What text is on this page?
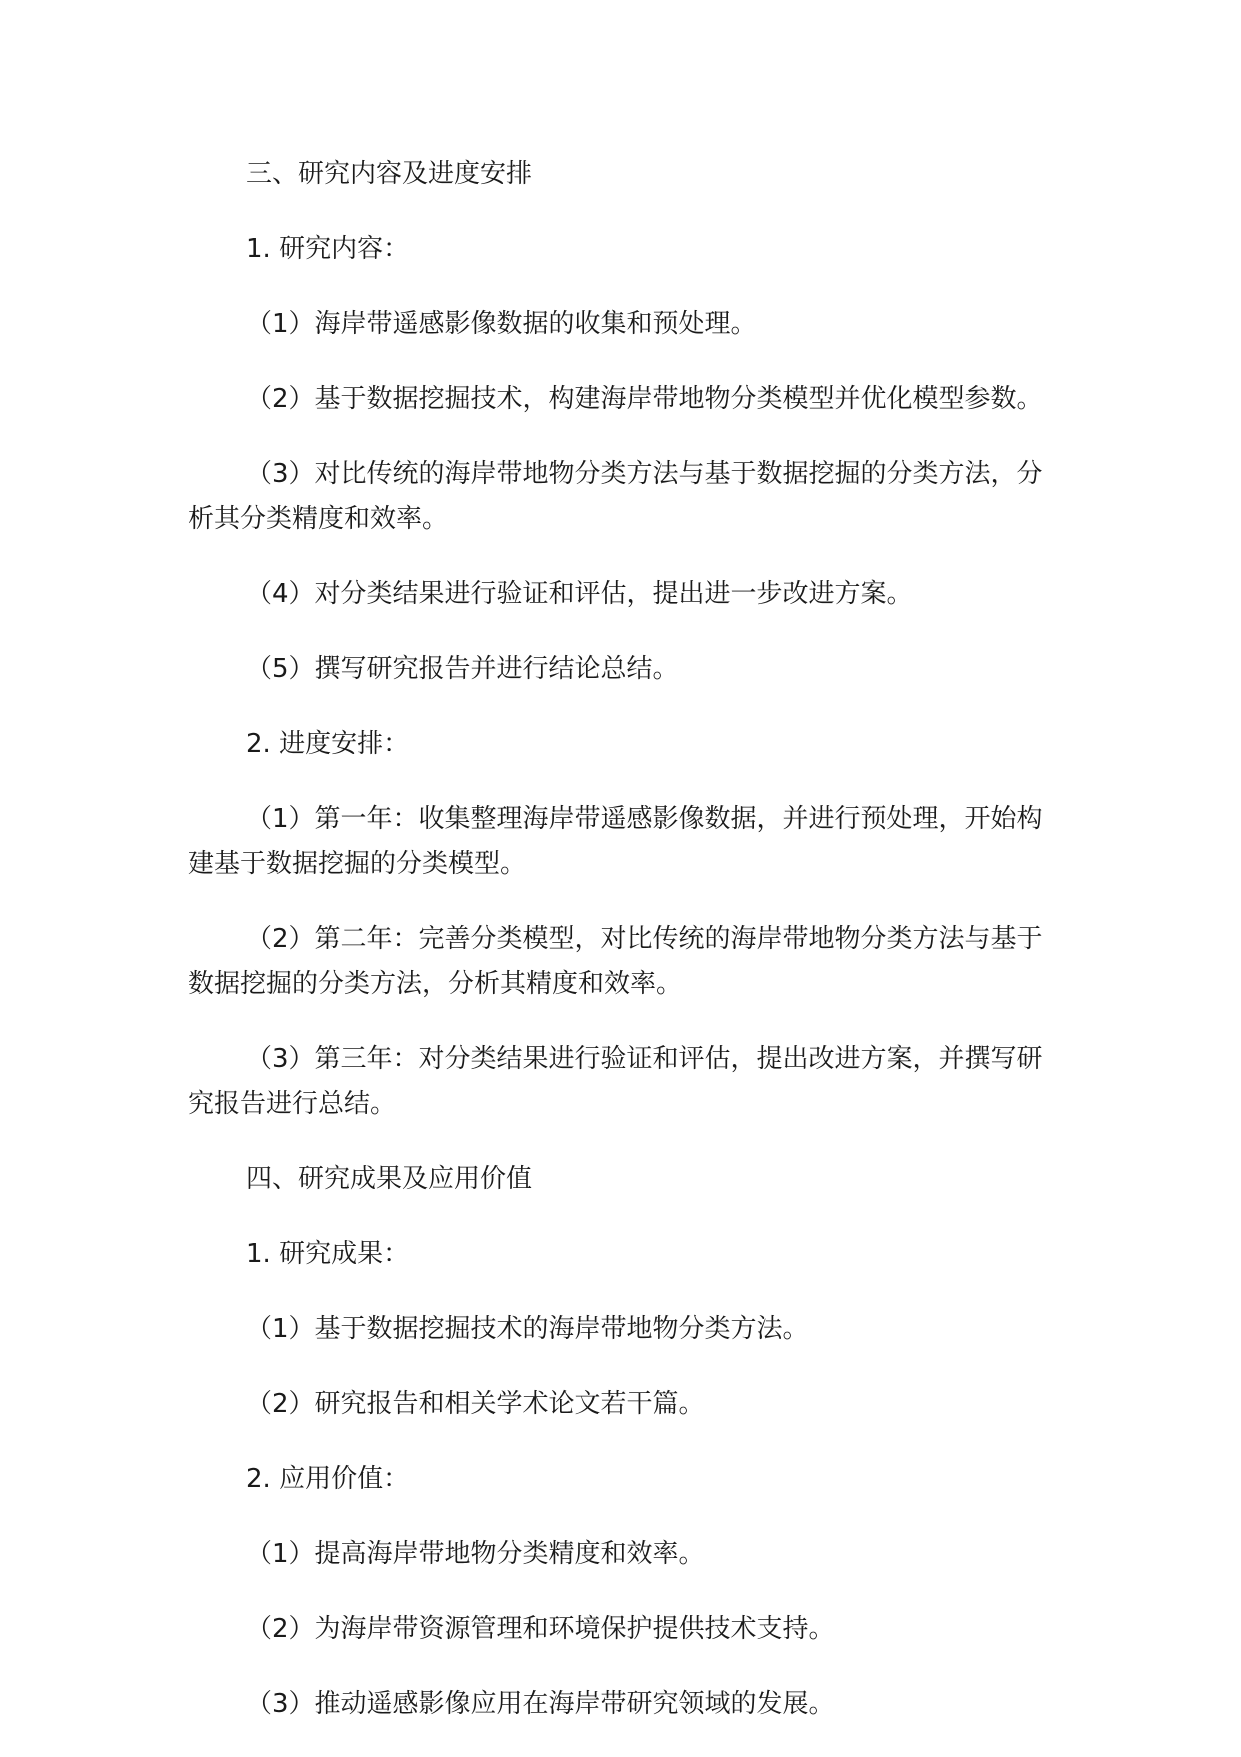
三、研究内容及进度安排

1. 研究内容：

（1）海岸带遥感影像数据的收集和预处理。

（2）基于数据挖掘技术，构建海岸带地物分类模型并优化模型参数。

（3）对比传统的海岸带地物分类方法与基于数据挖掘的分类方法，分析其分类精度和效率。

（4）对分类结果进行验证和评估，提出进一步改进方案。

（5）撰写研究报告并进行结论总结。

2. 进度安排：

（1）第一年：收集整理海岸带遥感影像数据，并进行预处理，开始构建基于数据挖掘的分类模型。

（2）第二年：完善分类模型，对比传统的海岸带地物分类方法与基于数据挖掘的分类方法，分析其精度和效率。

（3）第三年：对分类结果进行验证和评估，提出改进方案，并撰写研究报告进行总结。

四、研究成果及应用价值

1. 研究成果：

（1）基于数据挖掘技术的海岸带地物分类方法。

（2）研究报告和相关学术论文若干篇。

2. 应用价值：

（1）提高海岸带地物分类精度和效率。

（2）为海岸带资源管理和环境保护提供技术支持。

（3）推动遥感影像应用在海岸带研究领域的发展。
